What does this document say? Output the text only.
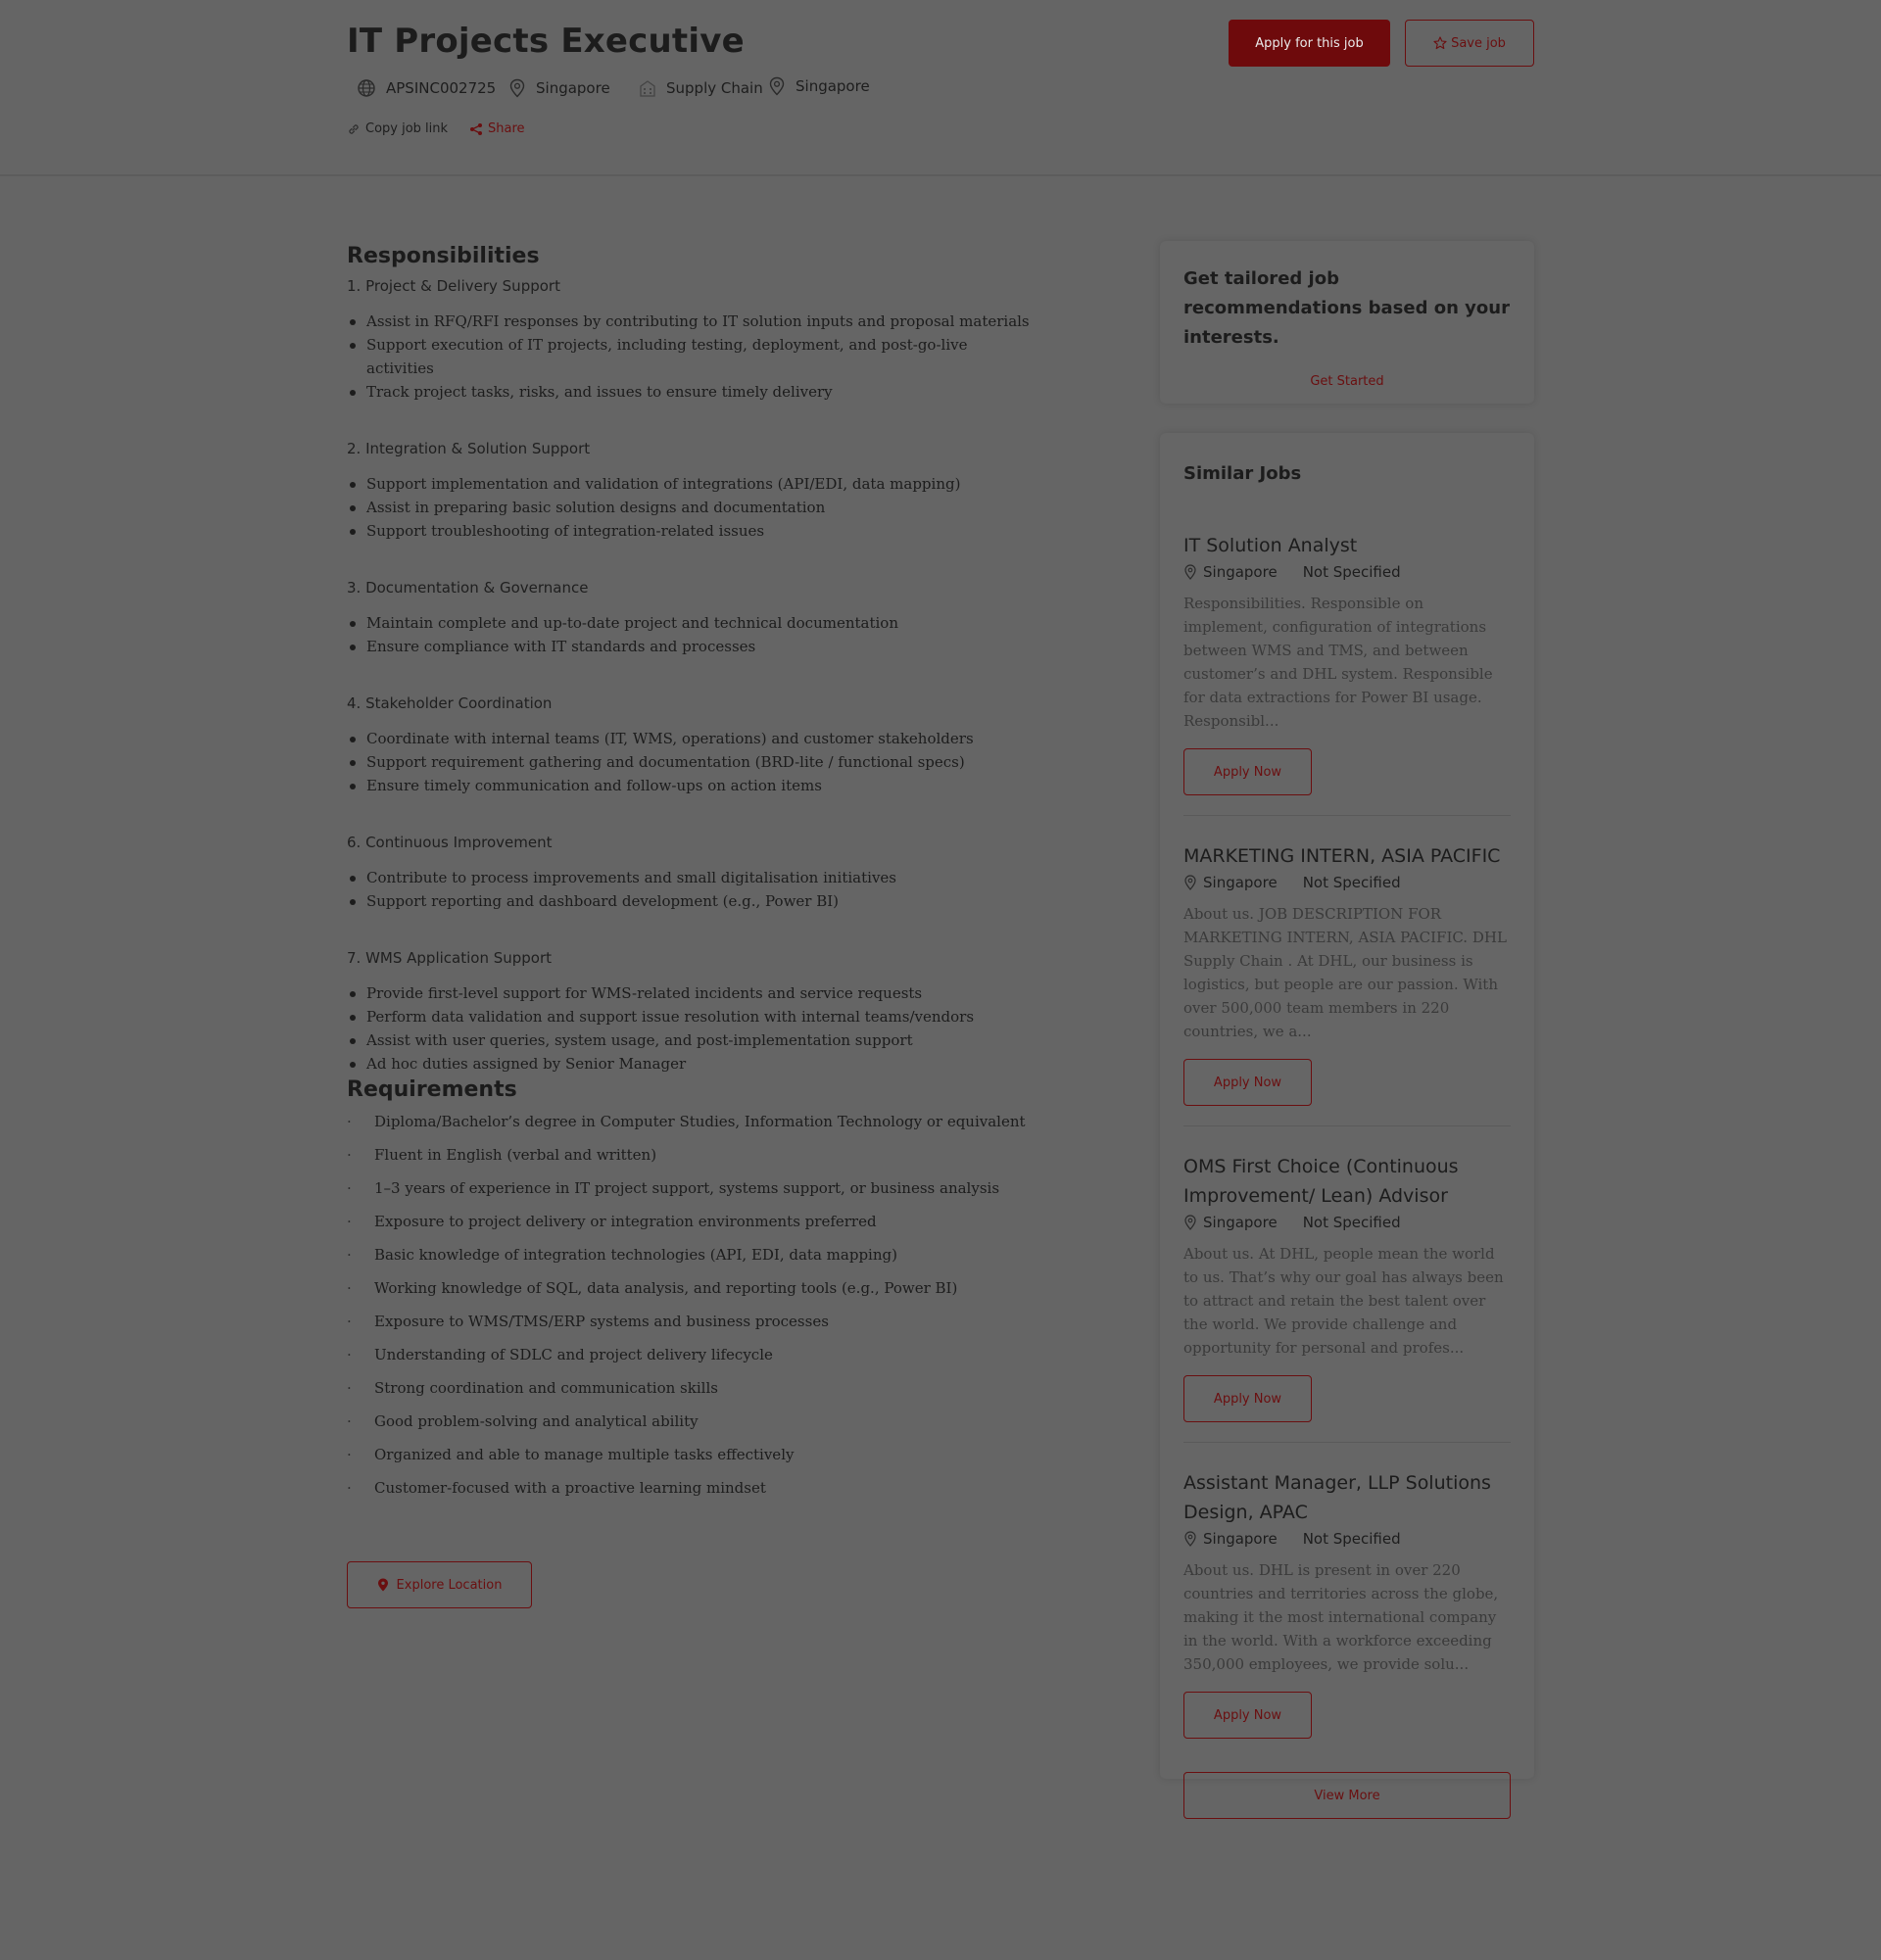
IT Projects Executive
APSINC002725	Singapore	Supply Chain Singapore
Copy job link	Share
Apply for this job	Save job
Responsibilities

1. Project & Delivery Support

Assist in RFQ/RFI responses by contributing to IT solution inputs and proposal materials
Support execution of IT projects, including testing, deployment, and post-go-live activities
Track project tasks, risks, and issues to ensure timely delivery

2. Integration & Solution Support

Support implementation and validation of integrations (API/EDI, data mapping)
Assist in preparing basic solution designs and documentation
Support troubleshooting of integration-related issues

3. Documentation & Governance

Maintain complete and up-to-date project and technical documentation
Ensure compliance with IT standards and processes

4. Stakeholder Coordination

Coordinate with internal teams (IT, WMS, operations) and customer stakeholders
Support requirement gathering and documentation (BRD-lite / functional specs)
Ensure timely communication and follow-ups on action items

6. Continuous Improvement

Contribute to process improvements and small digitalisation initiatives
Support reporting and dashboard development (e.g., Power BI)

7. WMS Application Support

Provide first-level support for WMS-related incidents and service requests
Perform data validation and support issue resolution with internal teams/vendors
Assist with user queries, system usage, and post-implementation support
Ad hoc duties assigned by Senior Manager
Requirements
· Diploma/Bachelor’s degree in Computer Studies, Information Technology or equivalent
· Fluent in English (verbal and written)
· 1–3 years of experience in IT project support, systems support, or business analysis
· Exposure to project delivery or integration environments preferred
· Basic knowledge of integration technologies (API, EDI, data mapping)
· Working knowledge of SQL, data analysis, and reporting tools (e.g., Power BI)
· Exposure to WMS/TMS/ERP systems and business processes
· Understanding of SDLC and project delivery lifecycle
· Strong coordination and communication skills
· Good problem-solving and analytical ability
· Organized and able to manage multiple tasks effectively
· Customer-focused with a proactive learning mindset
Explore Location
Get tailored job recommendations based on your interests.
Get Started
Similar Jobs
IT Solution Analyst
Singapore Not Specified

Responsibilities. Responsible on implement, configuration of integrations between WMS and TMS, and between customer’s and DHL system. Responsible for data extractions for Power BI usage. Responsibl...

Apply Now
MARKETING INTERN, ASIA PACIFIC
Singapore Not Specified

About us. JOB DESCRIPTION FOR MARKETING INTERN, ASIA PACIFIC. DHL Supply Chain . At DHL, our business is logistics, but people are our passion. With over 500,000 team members in 220 countries, we a...

Apply Now
OMS First Choice (Continuous Improvement/ Lean) Advisor
Singapore Not Specified

About us. At DHL, people mean the world to us. That’s why our goal has always been to attract and retain the best talent over the world. We provide challenge and opportunity for personal and profes...

Apply Now
Assistant Manager, LLP Solutions Design, APAC
Singapore Not Specified

About us. DHL is present in over 220 countries and territories across the globe, making it the most international company in the world. With a workforce exceeding 350,000 employees, we provide solu...

Apply Now
View More
